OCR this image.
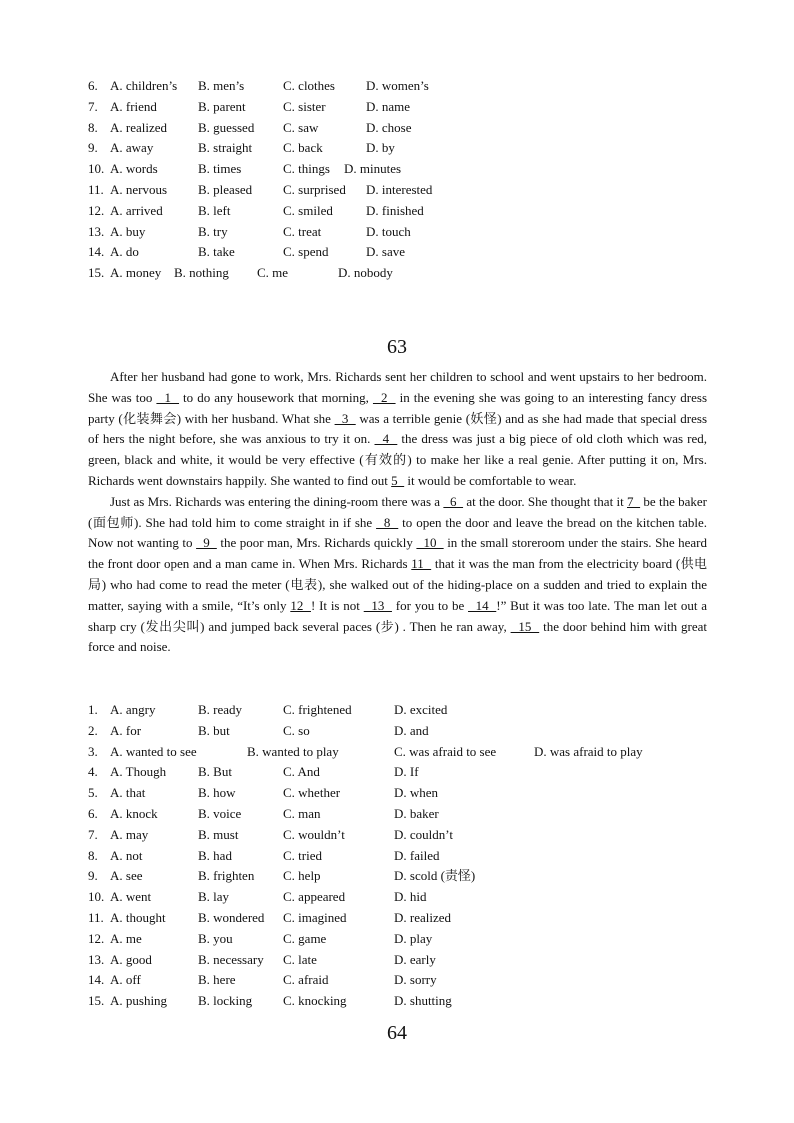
6. A. children’s B. men’s	C. clothes D. women’s
7. A. friend	B. parent	C. sister	D. name
8. A. realized B. guessed C. saw	D. chose
9. A. away	B. straight C. back	D. by
10. A. words	B. times	C. things D. minutes
11. A. nervous B. pleased C. surprised D. interested
12. A. arrived	B. left	C. smiled	D. finished
13. A. buy	B. try	C. treat	D. touch
14. A. do	B. take	C. spend	D. save
15. A. money B. nothing C. me	D. nobody
63

After her husband had gone to work, Mrs. Richards sent her children to school and went upstairs to her bedroom. She was too   1   to do any housework that morning,   2   in the evening she was going to an interesting fancy dress party (化装舞会) with her husband. What she   3   was a terrible genie (妖怪) and as she had made that special dress of hers the night before, she was anxious to try it on.   4   the dress was just a big piece of old cloth which was red, green, black and white, it would be very effective (有效的) to make her like a real genie. After putting it on, Mrs. Richards went downstairs happily. She wanted to find out 5   it would be comfortable to wear.

Just as Mrs. Richards was entering the dining-room there was a   6   at the door. She thought that it 7   be the baker (面包师). She had told him to come straight in if she   8   to open the door and leave the bread on the kitchen table. Now not wanting to   9   the poor man, Mrs. Richards quickly   10   in the small storeroom under the stairs. She heard the front door open and a man came in. When Mrs. Richards 11   that it was the man from the electricity board (供电局) who had come to read the meter (电表), she walked out of the hiding-place on a sudden and tried to explain the matter, saying with a smile, “It’s only 12  ! It is not   13   for you to be   14  !” But it was too late. The man let out a sharp cry (发出尖叫) and jumped back several paces (步) . Then he ran away,   15   the door behind him with great force and noise.

1. A. angry	B. ready	C. frightened	D. excited
2. A. for	B. but	C. so	D. and
3. A. wanted to see	B. wanted to play	C. was afraid to see	D. was afraid to play
4. A. Though B. But	C. And	D. If
5. A. that	B. how	C. whether	D. when
6. A. knock	B. voice	C. man	D. baker
7. A. may	B. must	C. wouldn’t	D. couldn’t
8. A. not	B. had	C. tried	D. failed
9. A. see	B. frighten C. help	D. scold (责怪)
10. A. went	B. lay	C. appeared	D. hid
11. A. thought B. wondered C. imagined	D. realized
12. A. me	B. you	C. game	D. play
13. A. good	B. necessary C. late	D. early
14. A. off	B. here	C. afraid	D. sorry
15. A. pushing B. locking C. knocking	D. shutting
64
